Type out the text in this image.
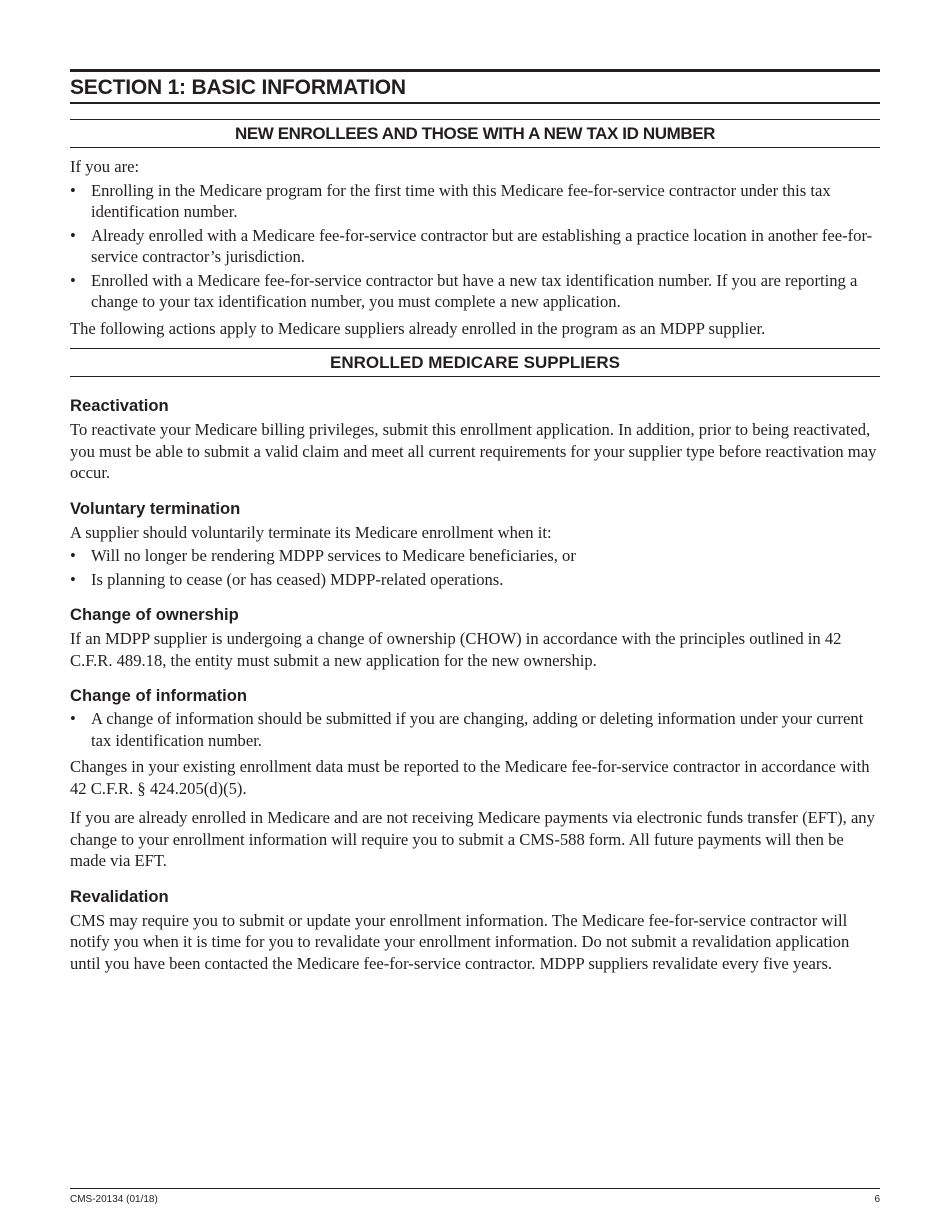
SECTION 1: BASIC INFORMATION
NEW ENROLLEES AND THOSE WITH A NEW TAX ID NUMBER

If you are:

• Enrolling in the Medicare program for the first time with this Medicare fee-for-service contractor under this tax identification number.
• Already enrolled with a Medicare fee-for-service contractor but are establishing a practice location in another fee-for-service contractor’s jurisdiction.
• Enrolled with a Medicare fee-for-service contractor but have a new tax identification number. If you are reporting a change to your tax identification number, you must complete a new application.

The following actions apply to Medicare suppliers already enrolled in the program as an MDPP supplier.

ENROLLED MEDICARE SUPPLIERS
Reactivation

To reactivate your Medicare billing privileges, submit this enrollment application. In addition, prior to being reactivated, you must be able to submit a valid claim and meet all current requirements for your supplier type before reactivation may occur.

Voluntary termination

A supplier should voluntarily terminate its Medicare enrollment when it:

• Will no longer be rendering MDPP services to Medicare beneficiaries, or
• Is planning to cease (or has ceased) MDPP-related operations.
Change of ownership

If an MDPP supplier is undergoing a change of ownership (CHOW) in accordance with the principles outlined in 42 C.F.R. 489.18, the entity must submit a new application for the new ownership.

Change of information
• A change of information should be submitted if you are changing, adding or deleting information under your current tax identification number.

Changes in your existing enrollment data must be reported to the Medicare fee-for-service contractor in accordance with 42 C.F.R. § 424.205(d)(5).

If you are already enrolled in Medicare and are not receiving Medicare payments via electronic funds transfer (EFT), any change to your enrollment information will require you to submit a CMS-588 form. All future payments will then be made via EFT.

Revalidation

CMS may require you to submit or update your enrollment information. The Medicare fee-for-service contractor will notify you when it is time for you to revalidate your enrollment information. Do not submit a revalidation application until you have been contacted the Medicare fee-for-service contractor. MDPP suppliers revalidate every five years.

CMS-20134 (01/18)	6
